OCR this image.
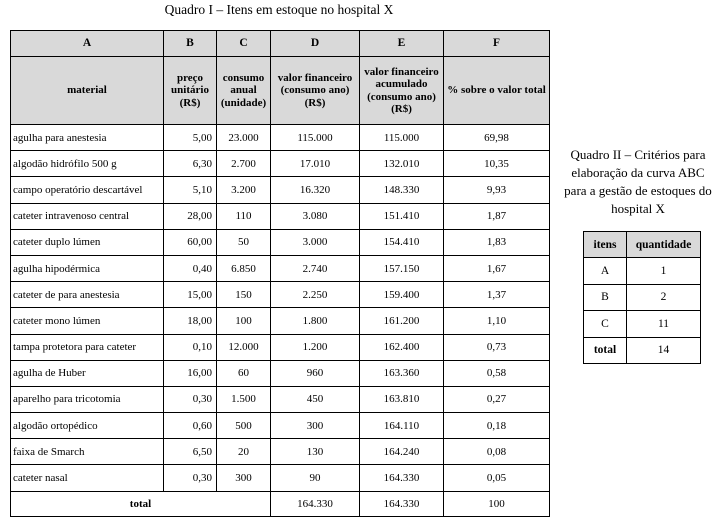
Quadro I – Itens em estoque no hospital X
A	B	C	D	E	F
material	preço unitário (R$)	consumo anual (unidade)	valor financeiro (consumo ano) (R$)	valor financeiro acumulado (consumo ano) (R$)	% sobre o valor total
agulha para anestesia	5,00	23.000	115.000	115.000	69,98
algodão hidrófilo 500 g	6,30	2.700	17.010	132.010	10,35
campo operatório descartável	5,10	3.200	16.320	148.330	9,93
cateter intravenoso central	28,00	110	3.080	151.410	1,87
cateter duplo lúmen	60,00	50	3.000	154.410	1,83
agulha hipodérmica	0,40	6.850	2.740	157.150	1,67
cateter de para anestesia	15,00	150	2.250	159.400	1,37
cateter mono lúmen	18,00	100	1.800	161.200	1,10
tampa protetora para cateter	0,10	12.000	1.200	162.400	0,73
agulha de Huber	16,00	60	960	163.360	0,58
aparelho para tricotomia	0,30	1.500	450	163.810	0,27
algodão ortopédico	0,60	500	300	164.110	0,18
faixa de Smarch	6,50	20	130	164.240	0,08
cateter nasal	0,30	300	90	164.330	0,05
total			164.330	164.330	100
Quadro II – Critérios para elaboração da curva ABC para a gestão de estoques do hospital X
itens	quantidade
A	1
B	2
C	11
total	14
